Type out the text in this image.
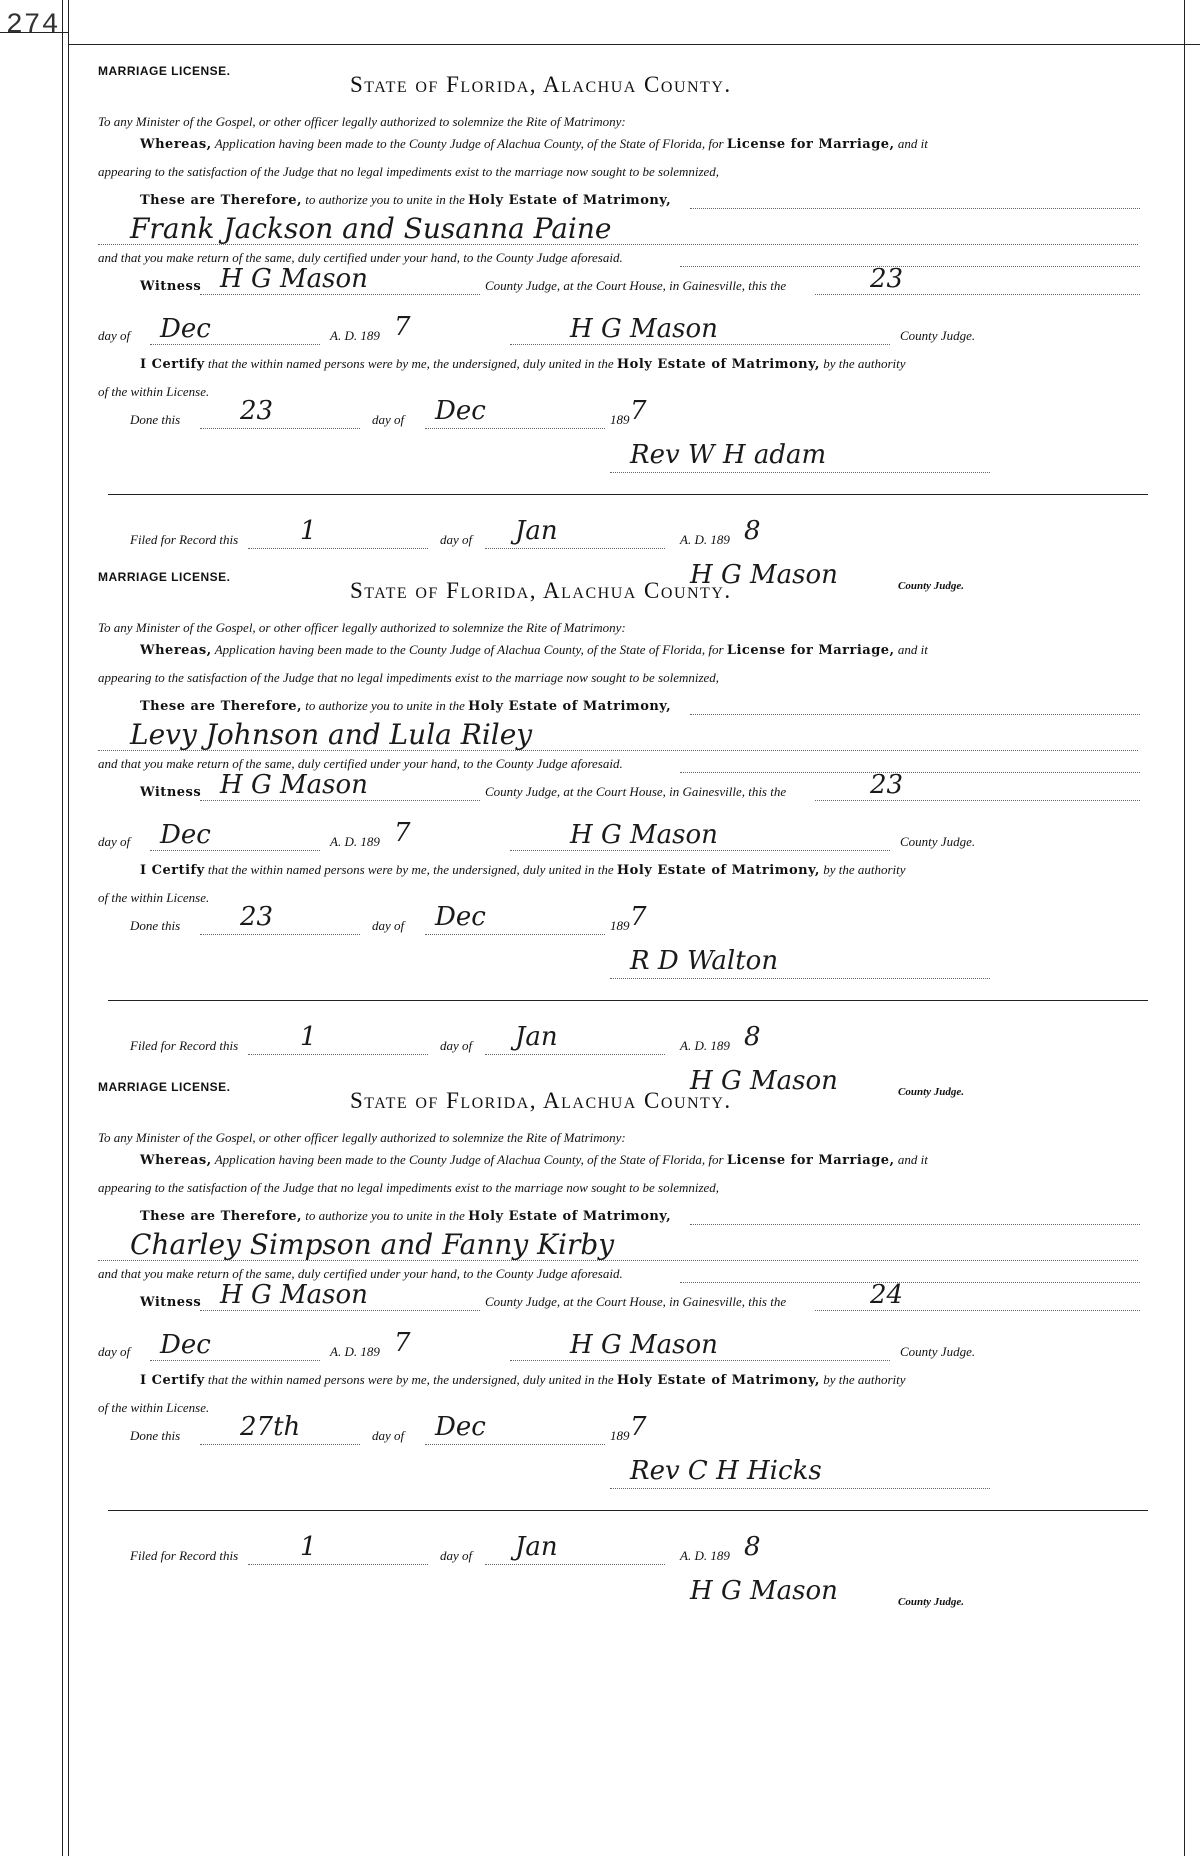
274
MARRIAGE LICENSE.
State of Florida, Alachua County.
To any Minister of the Gospel, or other officer legally authorized to solemnize the Rite of Matrimony:
Whereas, Application having been made to the County Judge of Alachua County, of the State of Florida, for License for Marriage, and it
appearing to the satisfaction of the Judge that no legal impediments exist to the marriage now sought to be solemnized,
These are Therefore, to authorize you to unite in the Holy Estate of Matrimony,
Frank Jackson and Susanna Paine
and that you make return of the same, duly certified under your hand, to the County Judge aforesaid.
Witness H G Mason	County Judge, at the Court House, in Gainesville, this the	23
day of Dec	A. D. 189 7	H G Mason	County Judge.
I Certify that the within named persons were by me, the undersigned, duly united in the Holy Estate of Matrimony, by the authority
of the within License.
Done this 23	day of Dec	189 7
Rev W H adam
Filed for Record this 1	day of Jan	A. D. 189 8
H G Mason	County Judge.
MARRIAGE LICENSE.
State of Florida, Alachua County.
To any Minister of the Gospel, or other officer legally authorized to solemnize the Rite of Matrimony:
Whereas, Application having been made to the County Judge of Alachua County, of the State of Florida, for License for Marriage, and it
appearing to the satisfaction of the Judge that no legal impediments exist to the marriage now sought to be solemnized,
These are Therefore, to authorize you to unite in the Holy Estate of Matrimony,
Levy Johnson and Lula Riley
and that you make return of the same, duly certified under your hand, to the County Judge aforesaid.
Witness H G Mason	County Judge, at the Court House, in Gainesville, this the	23
day of Dec	A. D. 189 7	H G Mason	County Judge.
I Certify that the within named persons were by me, the undersigned, duly united in the Holy Estate of Matrimony, by the authority
of the within License.
Done this 23	day of Dec	189 7
R D Walton
Filed for Record this 1	day of Jan	A. D. 189 8
H G Mason	County Judge.
MARRIAGE LICENSE.
State of Florida, Alachua County.
To any Minister of the Gospel, or other officer legally authorized to solemnize the Rite of Matrimony:
Whereas, Application having been made to the County Judge of Alachua County, of the State of Florida, for License for Marriage, and it
appearing to the satisfaction of the Judge that no legal impediments exist to the marriage now sought to be solemnized,
These are Therefore, to authorize you to unite in the Holy Estate of Matrimony,
Charley Simpson and Fanny Kirby
and that you make return of the same, duly certified under your hand, to the County Judge aforesaid.
Witness H G Mason	County Judge, at the Court House, in Gainesville, this the	24
day of Dec	A. D. 189 7	H G Mason	County Judge.
I Certify that the within named persons were by me, the undersigned, duly united in the Holy Estate of Matrimony, by the authority
of the within License.
Done this 27th	day of Dec	189 7
Rev C H Hicks
Filed for Record this 1	day of Jan	A. D. 189 8
H G Mason	County Judge.
